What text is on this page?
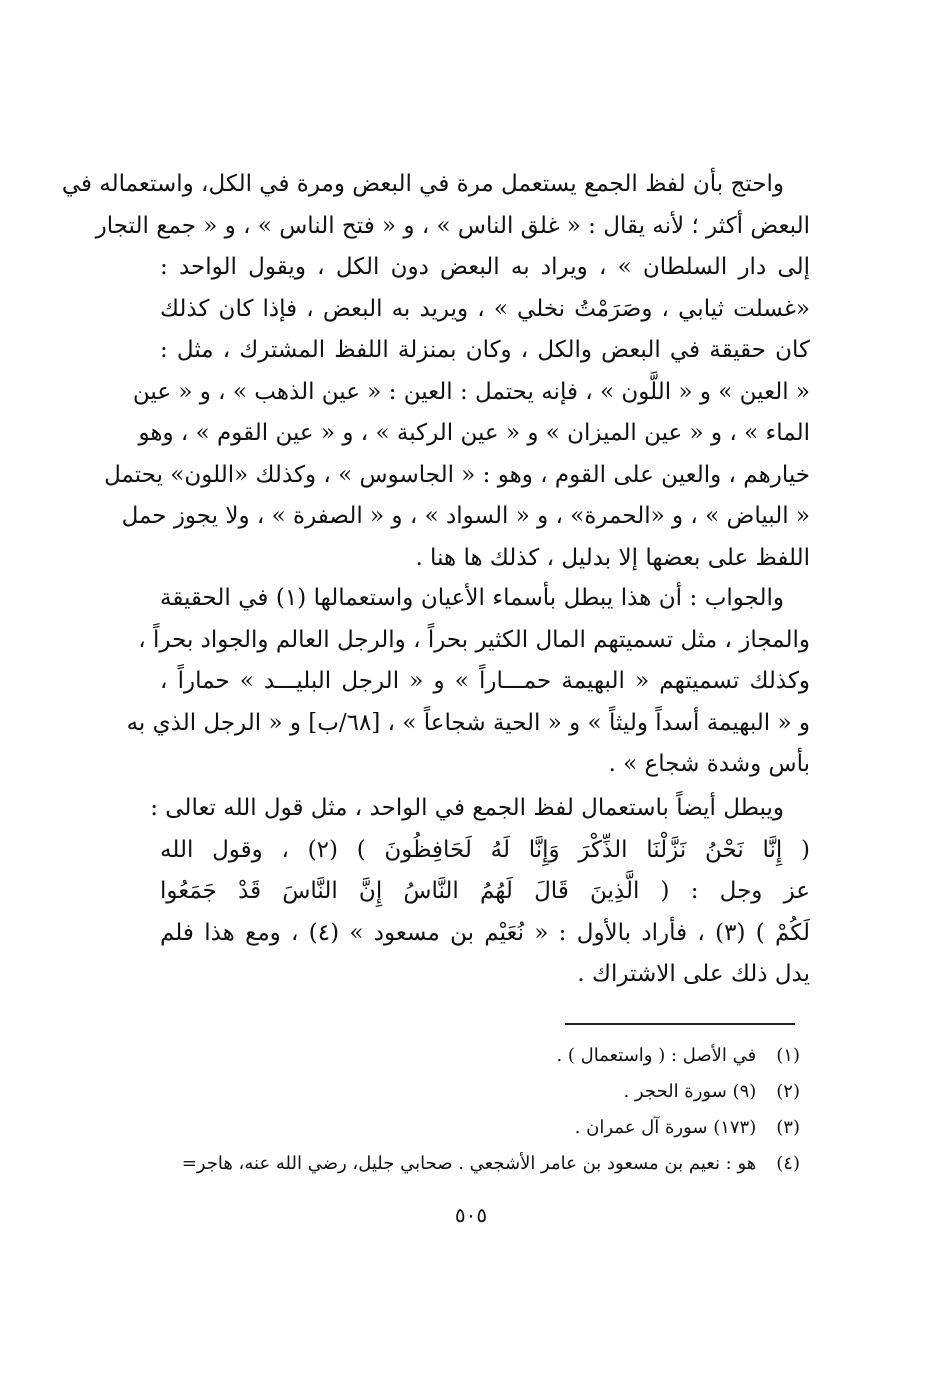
واحتج بأن لفظ الجمع يستعمل مرة في البعض ومرة في الكل، واستعماله في
البعض أكثر ؛ لأنه يقال : « غلق الناس » ، و « فتح الناس » ، و « جمع التجار
إلى دار السلطان » ، ويراد به البعض دون الكل ، ويقول الواحد :
«غسلت ثيابي ، وصَرَمْتُ نخلي » ، ويريد به البعض ، فإذا كان كذلك
كان حقيقة في البعض والكل ، وكان بمنزلة اللفظ المشترك ، مثل :
« العين » و « اللَّون » ، فإنه يحتمل : العين : « عين الذهب » ، و « عين
الماء » ، و « عين الميزان » و « عين الركبة » ، و « عين القوم » ، وهو
خيارهم ، والعين على القوم ، وهو : « الجاسوس » ، وكذلك «اللون» يحتمل
« البياض » ، و «الحمرة» ، و « السواد » ، و « الصفرة » ، ولا يجوز حمل
اللفظ على بعضها إلا بدليل ، كذلك ها هنا .
والجواب : أن هذا يبطل بأسماء الأعيان واستعمالها (١) في الحقيقة
والمجاز ، مثل تسميتهم المال الكثير بحراً ، والرجل العالم والجواد بحراً ،
وكذلك تسميتهم « البهيمة حمـــاراً » و « الرجل البليـــد » حماراً ،
و « البهيمة أسداً وليثاً » و « الحية شجاعاً » ، [٦٨/ب] و « الرجل الذي به
بأس وشدة شجاع » .
ويبطل أيضاً باستعمال لفظ الجمع في الواحد ، مثل قول الله تعالى :
( إِنَّا نَحْنُ نَزَّلْنَا الذِّكْرَ وَإِنَّا لَهُ لَحَافِظُونَ ) (٢) ، وقول الله
عز وجل : ( الَّذِينَ قَالَ لَهُمُ النَّاسُ إِنَّ النَّاسَ قَدْ جَمَعُوا
لَكُمْ ) (٣) ، فأراد بالأول : « نُعَيْم بن مسعود » (٤) ، ومع هذا فلم
يدل ذلك على الاشتراك .
(١) في الأصل : ( واستعمال ) .
(٢) (٩) سورة الحجر .
(٣) (١٧٣) سورة آل عمران .
(٤) هو : نعيم بن مسعود بن عامر الأشجعي . صحابي جليل، رضي الله عنه، هاجر=
٥٠٥
